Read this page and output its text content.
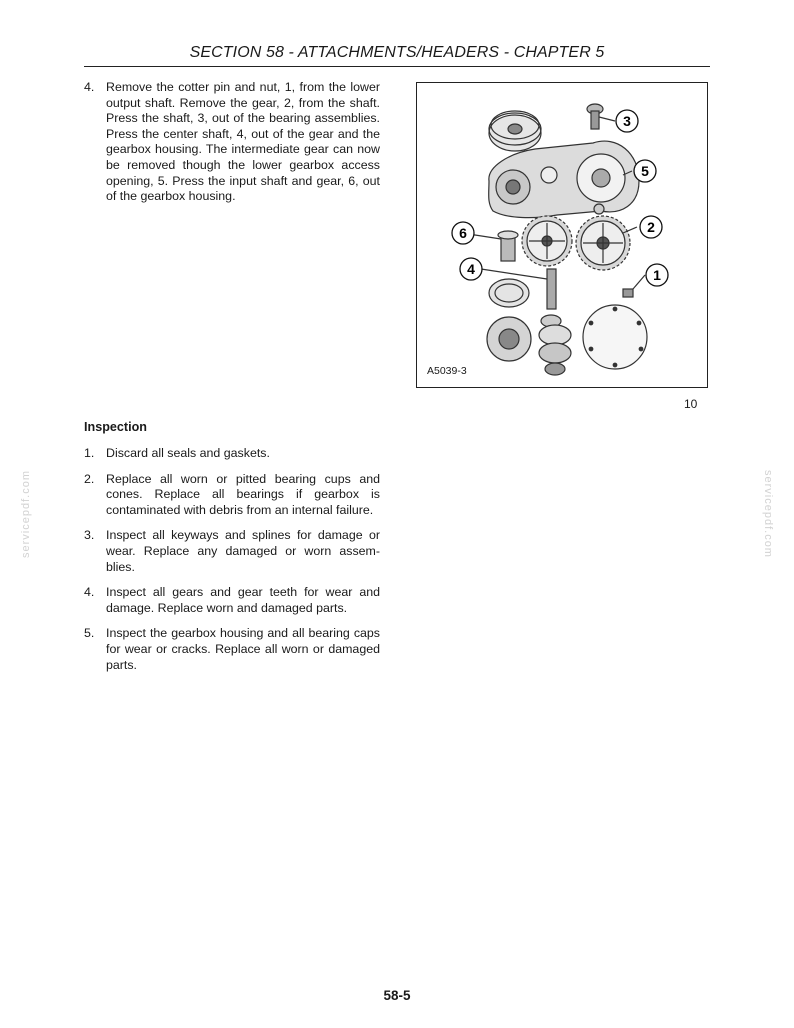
SECTION 58 - ATTACHMENTS/HEADERS - CHAPTER 5
4. Remove the cotter pin and nut, 1, from the lower output shaft. Remove the gear, 2, from the shaft. Press the shaft, 3, out of the bearing assemblies. Press the center shaft, 4, out of the gear and the gearbox housing. The intermediate gear can now be removed though the lower gearbox access opening, 5. Press the input shaft and gear, 6, out of the gearbox housing.
3
5
6	2
4	1
A5039-3
10
Inspection
1. Discard all seals and gaskets.
2. Replace all worn or pitted bearing cups and cones. Replace all bearings if gearbox is contaminated with debris from an internal failure.
3. Inspect all keyways and splines for damage or wear. Replace any damaged or worn assem-blies.
4. Inspect all gears and gear teeth for wear and damage. Replace worn and damaged parts.
5. Inspect the gearbox housing and all bearing caps for wear or cracks. Replace all worn or damaged parts.
servicepdf.com	servicepdf.com
58-5
